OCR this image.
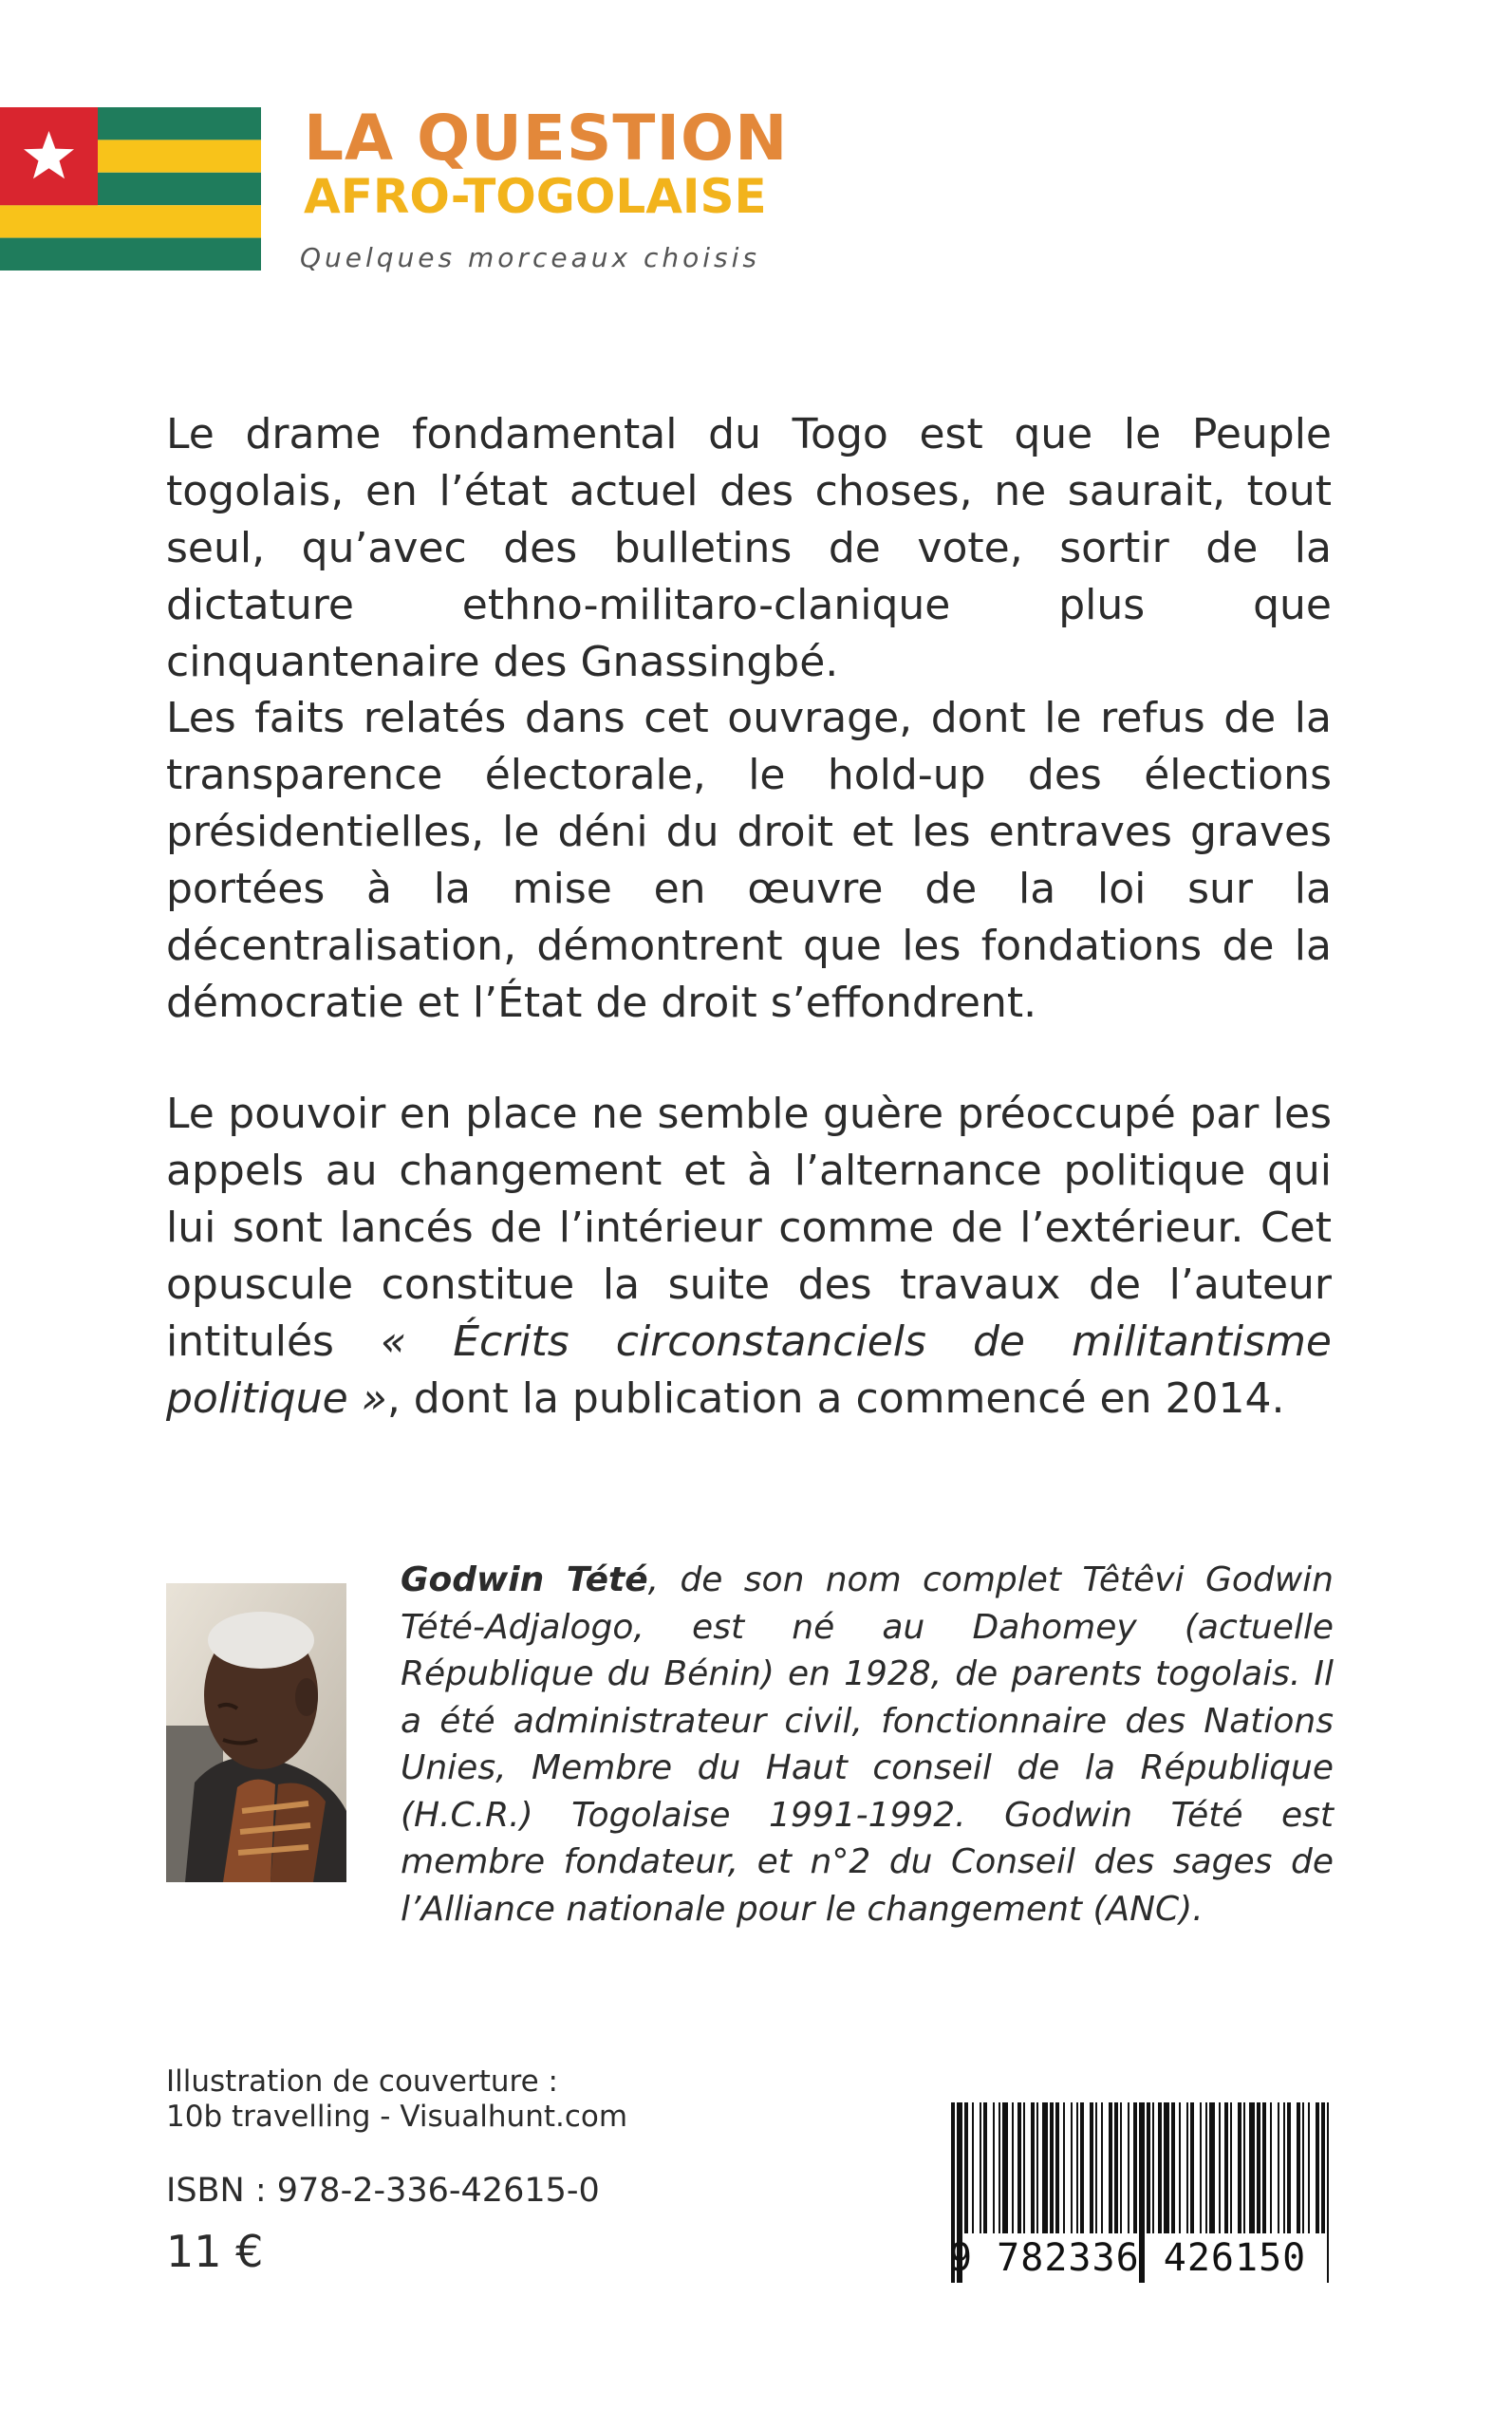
LA QUESTION
AFRO-TOGOLAISE
Quelques morceaux choisis

Le drame fondamental du Togo est que le Peuple togolais, en l’état actuel des choses, ne saurait, tout seul, qu’avec des bulletins de vote, sortir de la dictature ethno-militaro-clanique plus que cinquantenaire des Gnassingbé.

Les faits relatés dans cet ouvrage, dont le refus de la transparence électorale, le hold-up des élections présidentielles, le déni du droit et les entraves graves portées à la mise en œuvre de la loi sur la décentralisation, démontrent que les fondations de la démocratie et l’État de droit s’effondrent.

Le pouvoir en place ne semble guère préoccupé par les appels au changement et à l’alternance politique qui lui sont lancés de l’intérieur comme de l’extérieur. Cet opuscule constitue la suite des travaux de l’auteur intitulés « Écrits circonstanciels de militantisme politique », dont la publication a commencé en 2014.

Godwin Tété, de son nom complet Têtêvi Godwin Tété-Adjalogo, est né au Dahomey (actuelle République du Bénin) en 1928, de parents togolais. Il a été administrateur civil, fonctionnaire des Nations Unies, Membre du Haut conseil de la République (H.C.R.) Togolaise 1991-1992. Godwin Tété est membre fondateur, et n°2 du Conseil des sages de l’Alliance nationale pour le changement (ANC).

Illustration de couverture :
10b travelling - Visualhunt.com
ISBN : 978-2-336-42615-0
11 €	9 782336 426150
